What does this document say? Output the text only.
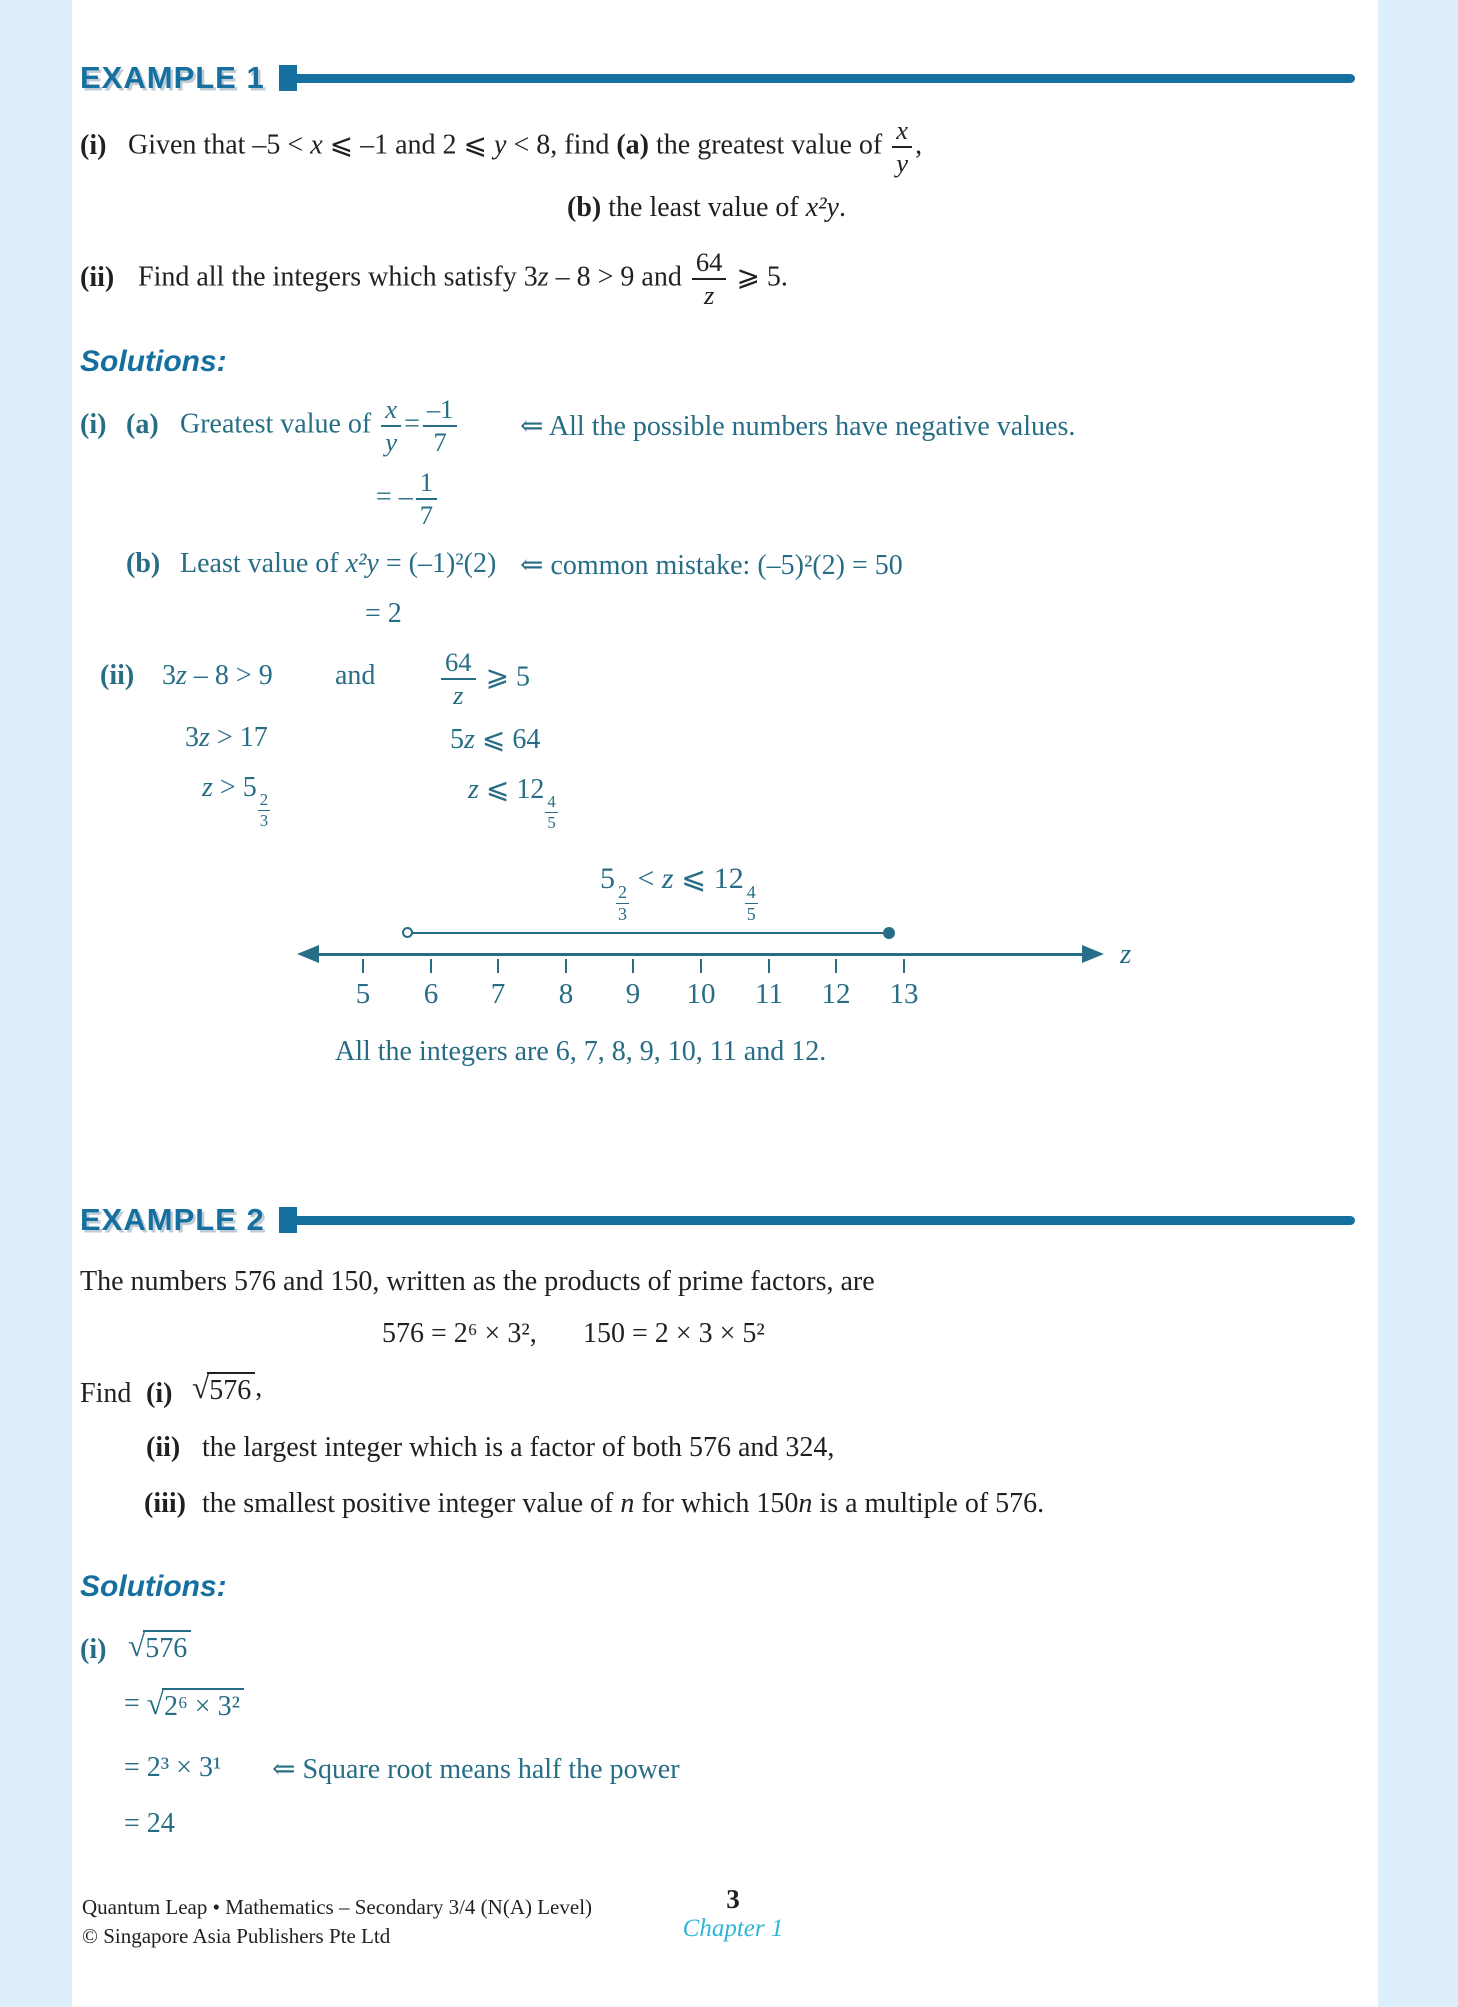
EXAMPLE 1
(i) Given that –5 < x ⩽ –1 and 2 ⩽ y < 8, find (a) the greatest value of $\frac{x}{y}$ ,
(b) the least value of x²y.
(ii) Find all the integers which satisfy 3z – 8 > 9 and $\frac{64}{z}$ ⩾ 5.
Solutions:
(i) (a) Greatest value of $\frac{x}{y} = \frac{-1}{7}$ ⇐ All the possible numbers have negative values.
= – $\frac{1}{7}$
(b) Least value of x²y = (–1)²(2) ⇐ common mistake: (–5)²(2) = 50
= 2
(ii) 3z – 8 > 9 and $\frac{64}{z}$ ⩾ 5
3z > 17	5z ⩽ 64
z > 5
$\frac{2}{3}$
z ⩽ 12
$\frac{4}{5}$
5
$\frac{2}{3}$
< z ⩽ 12
$\frac{4}{5}$
5	6	7	8	9	10 11 12 13
z
All the integers are 6, 7, 8, 9, 10, 11 and 12.
EXAMPLE 2
The numbers 576 and 150, written as the products of prime factors, are
576 = 2⁶ × 3², 150 = 2 × 3 × 5²
Find (i) √ 576 ,
(ii) the largest integer which is a factor of both 576 and 324,
(iii) the smallest positive integer value of n for which 150n is a multiple of 576.
Solutions:
(i) √ 576
= √ 2⁶ × 3²
= 2³ × 3¹ ⇐ Square root means half the power
= 24
Quantum Leap • Mathematics – Secondary 3/4 (N(A) Level)
© Singapore Asia Publishers Pte Ltd
3
Chapter 1
